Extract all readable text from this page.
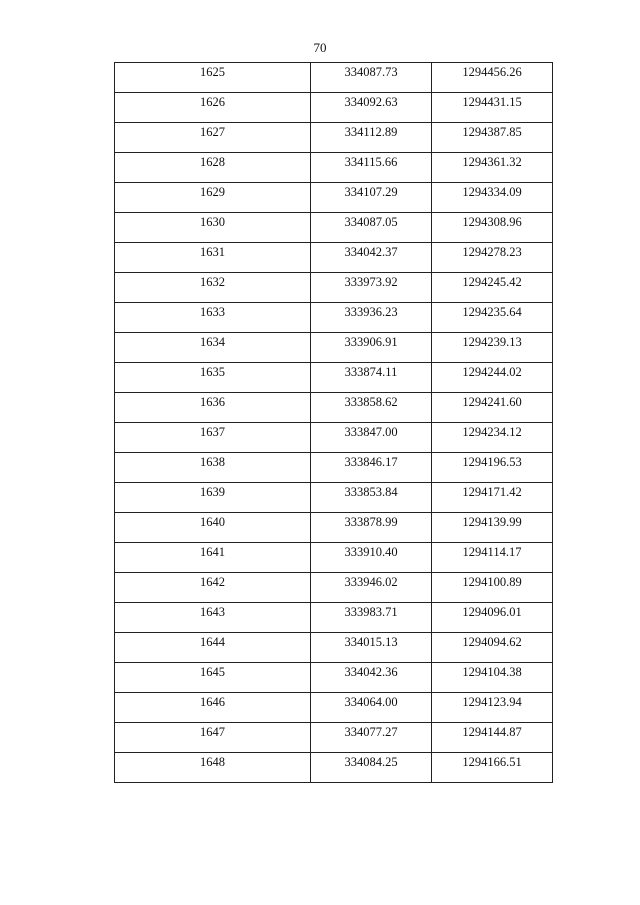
70
1625	334087.73	1294456.26
1626	334092.63	1294431.15
1627	334112.89	1294387.85
1628	334115.66	1294361.32
1629	334107.29	1294334.09
1630	334087.05	1294308.96
1631	334042.37	1294278.23
1632	333973.92	1294245.42
1633	333936.23	1294235.64
1634	333906.91	1294239.13
1635	333874.11	1294244.02
1636	333858.62	1294241.60
1637	333847.00	1294234.12
1638	333846.17	1294196.53
1639	333853.84	1294171.42
1640	333878.99	1294139.99
1641	333910.40	1294114.17
1642	333946.02	1294100.89
1643	333983.71	1294096.01
1644	334015.13	1294094.62
1645	334042.36	1294104.38
1646	334064.00	1294123.94
1647	334077.27	1294144.87
1648	334084.25	1294166.51
